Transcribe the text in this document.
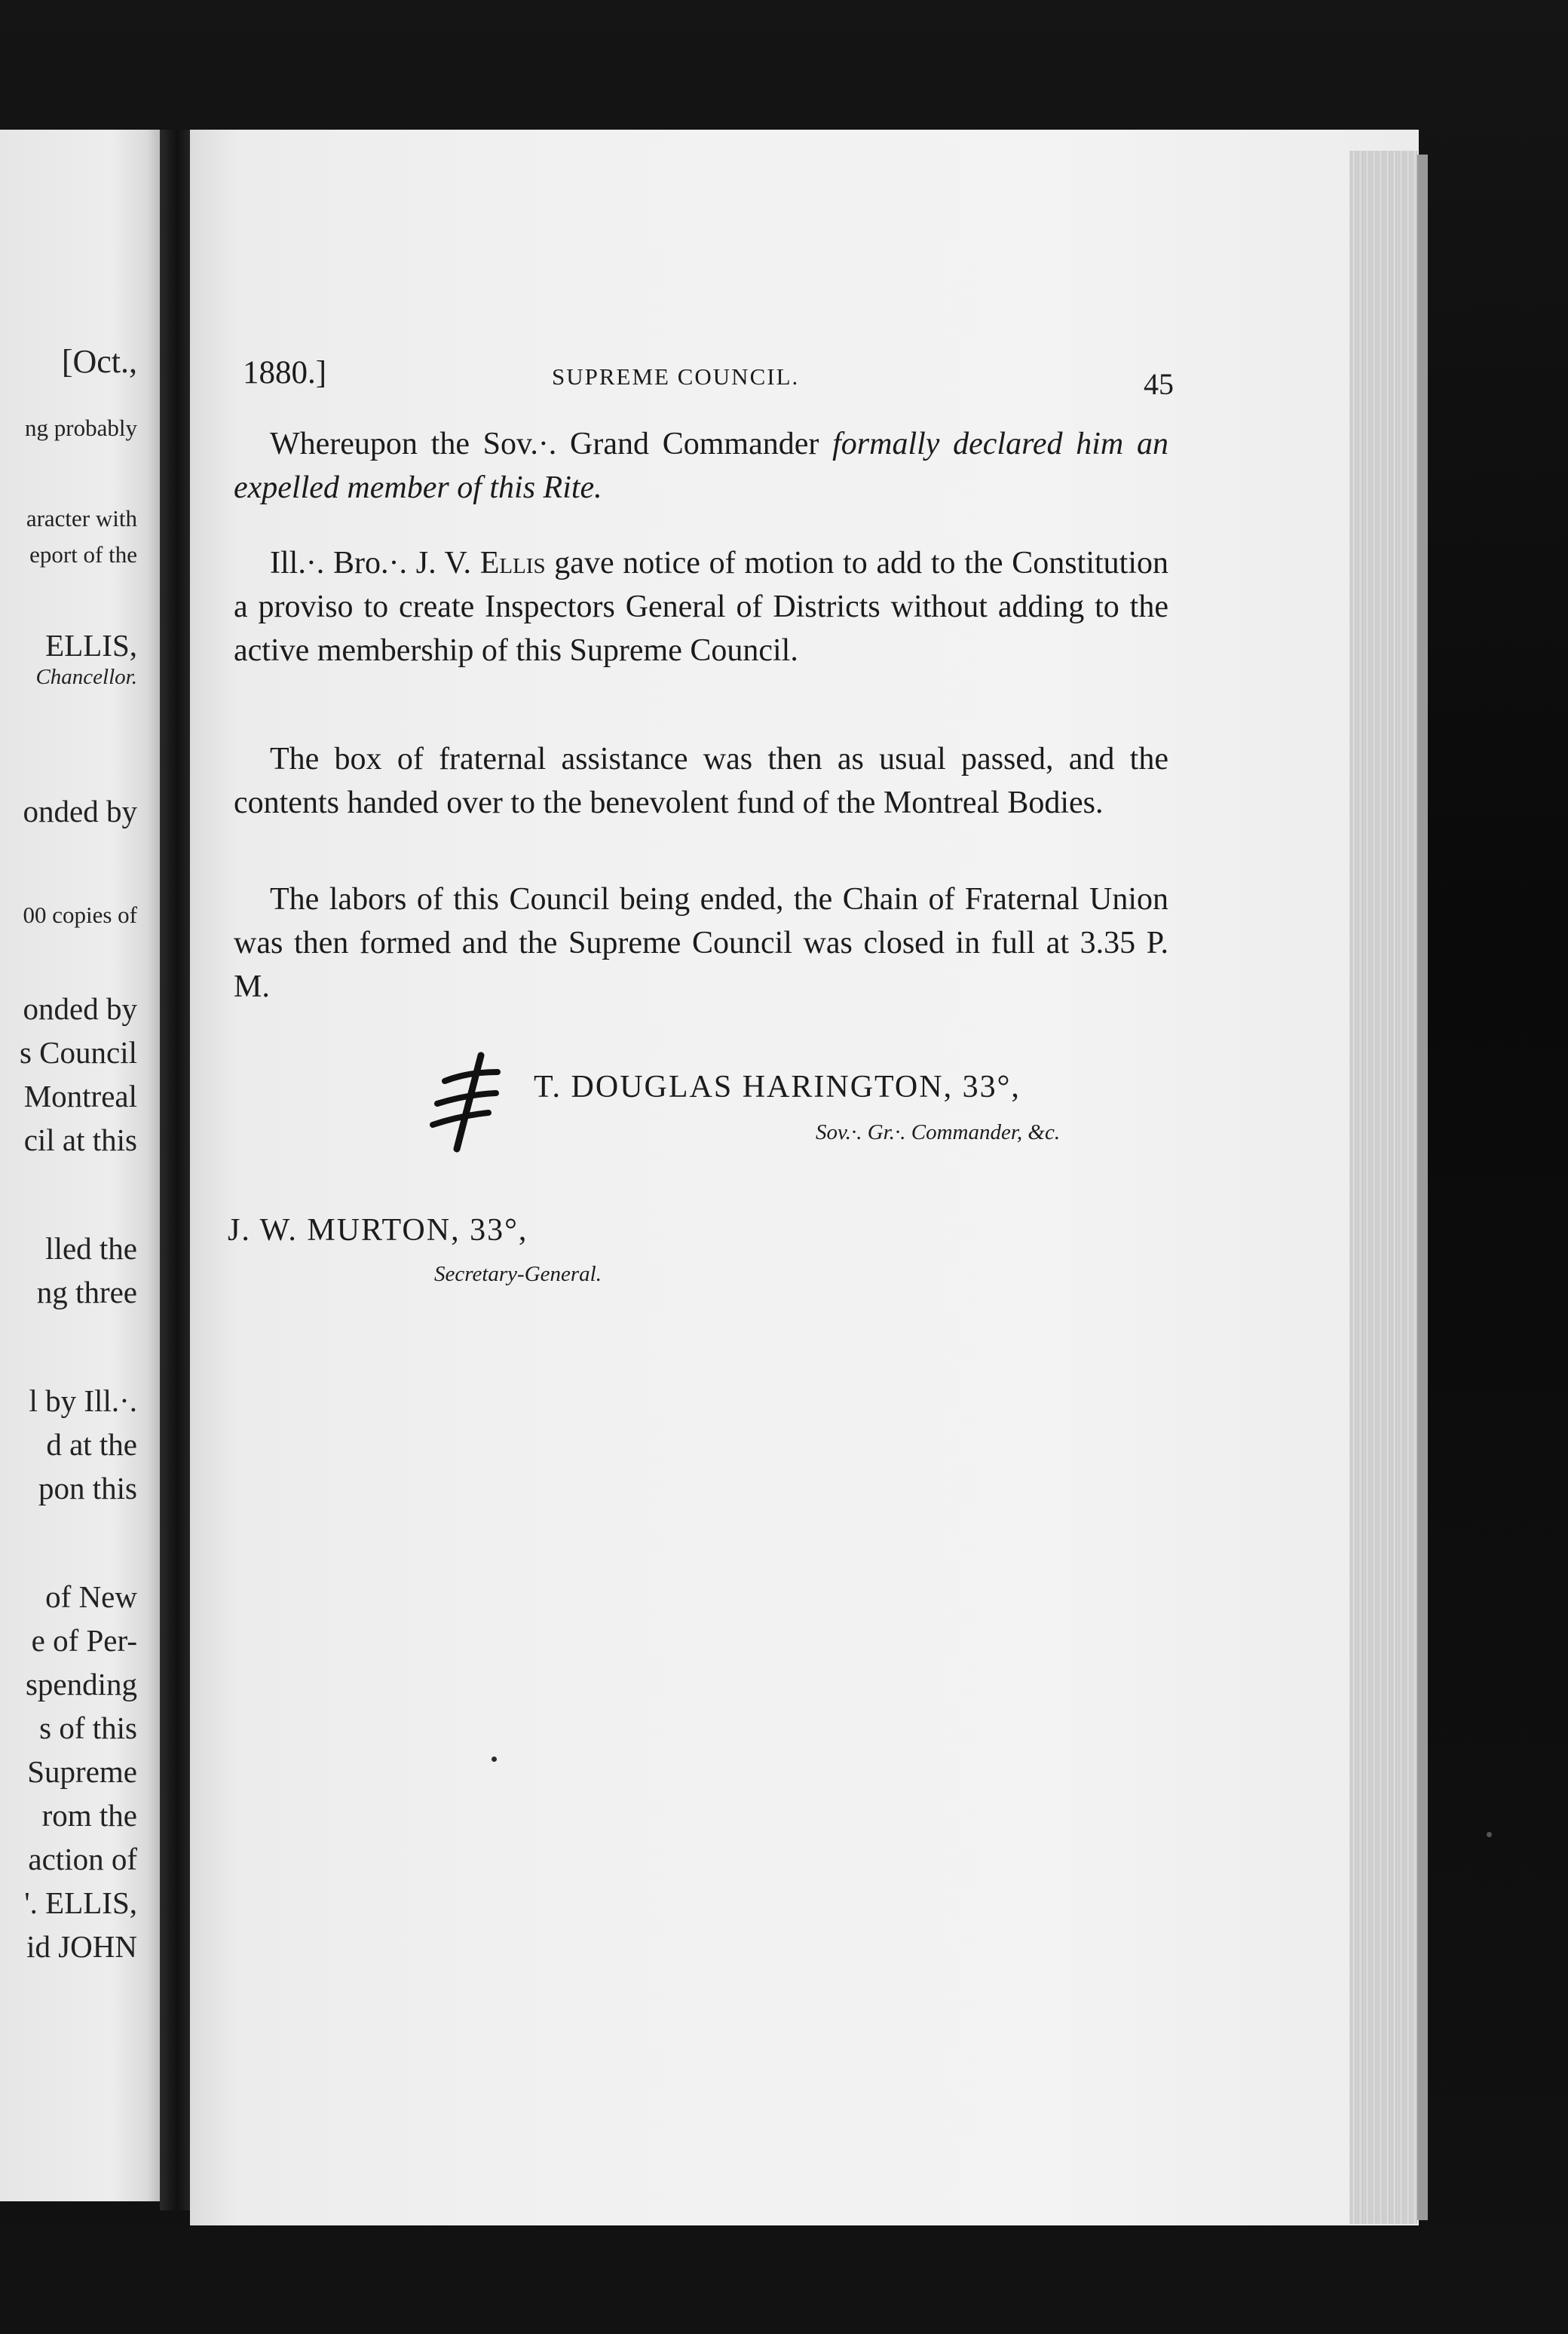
[Oct.,
ng probably
aracter with
eport of the
ELLIS,
Chancellor.
onded by
00 copies of
onded by
s Council
Montreal
cil at this
lled the
ng three
l by Ill.·.
d at the
pon this
of New
e of Per-
spending
s of this
Supreme
rom the
action of
'. ELLIS,
id JOHN
1880.]	SUPREME COUNCIL.	45

Whereupon the Sov.·. Grand Commander formally declared him an expelled member of this Rite.

Ill.·. Bro.·. J. V. Ellis gave notice of motion to add to the Constitution a proviso to create Inspectors General of Districts without adding to the active membership of this Supreme Council.

The box of fraternal assistance was then as usual passed, and the contents handed over to the benevolent fund of the Montreal Bodies.

The labors of this Council being ended, the Chain of Fraternal Union was then formed and the Supreme Council was closed in full at 3.35 P. M.

T. DOUGLAS HARINGTON, 33°,
Sov.·. Gr.·. Commander, &c.
J. W. MURTON, 33°,
Secretary-General.
